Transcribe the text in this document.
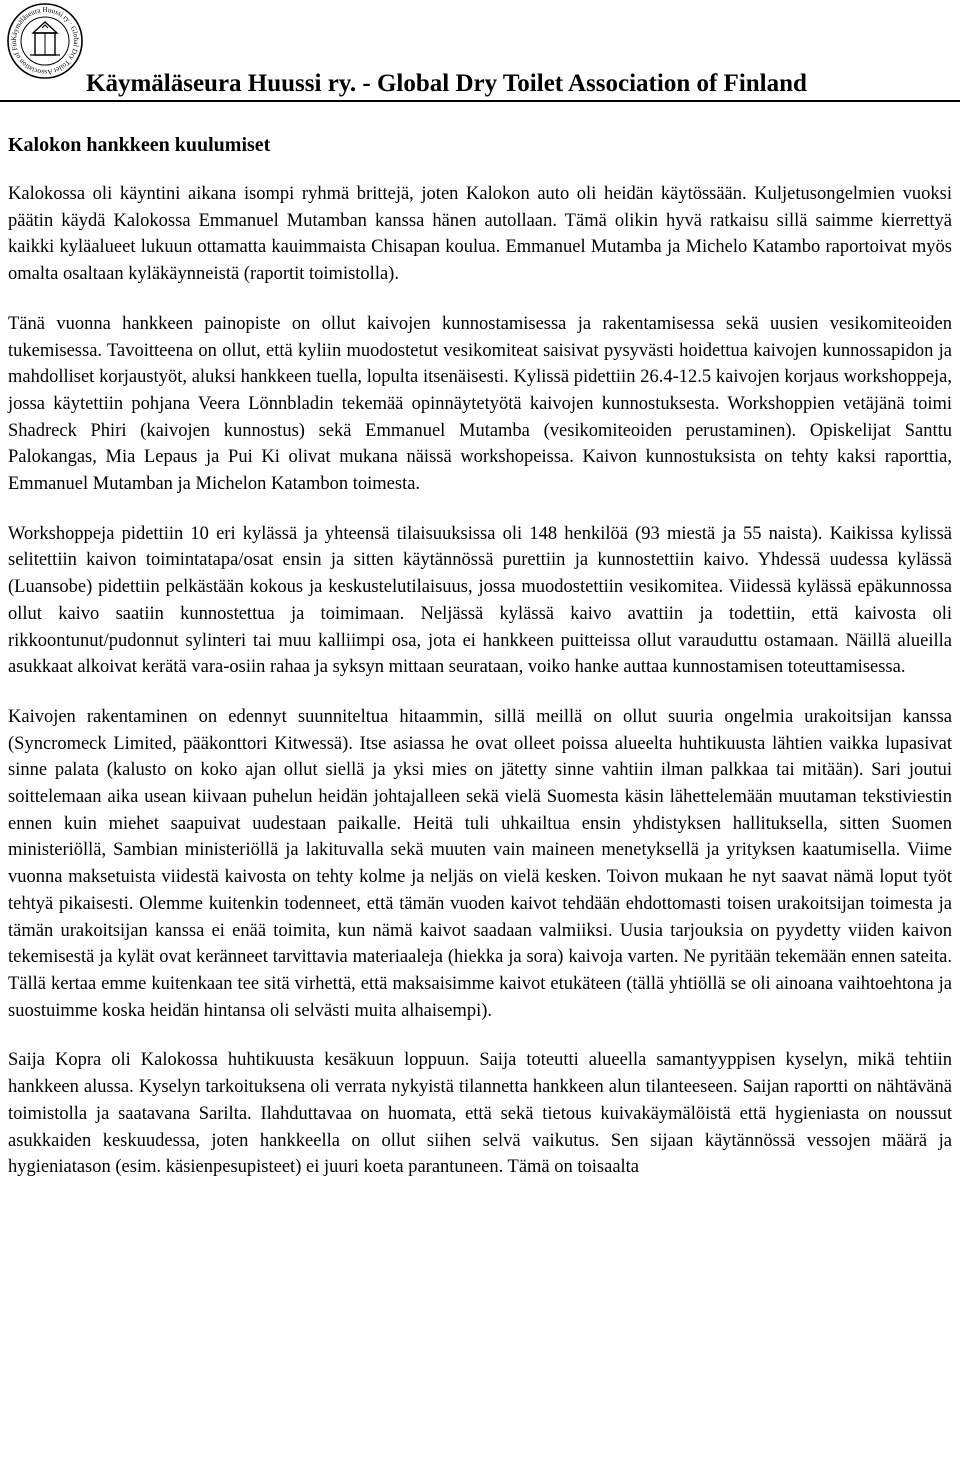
Käymäläseura Huussi ry · Global Dry Toilet Association of Fin
Käymäläseura Huussi ry. - Global Dry Toilet Association of Finland
Kalokon hankkeen kuulumiset

Kalokossa oli käyntini aikana isompi ryhmä brittejä, joten Kalokon auto oli heidän käytössään. Kuljetusongelmien vuoksi päätin käydä Kalokossa Emmanuel Mutamban kanssa hänen autollaan. Tämä olikin hyvä ratkaisu sillä saimme kierrettyä kaikki kyläalueet lukuun ottamatta kauimmaista Chisapan koulua. Emmanuel Mutamba ja Michelo Katambo raportoivat myös omalta osaltaan kyläkäynneistä (raportit toimistolla).

Tänä vuonna hankkeen painopiste on ollut kaivojen kunnostamisessa ja rakentamisessa sekä uusien vesikomiteoiden tukemisessa. Tavoitteena on ollut, että kyliin muodostetut vesikomiteat saisivat pysyvästi hoidettua kaivojen kunnossapidon ja mahdolliset korjaustyöt, aluksi hankkeen tuella, lopulta itsenäisesti. Kylissä pidettiin 26.4-12.5 kaivojen korjaus workshoppeja, jossa käytettiin pohjana Veera Lönnbladin tekemää opinnäytetyötä kaivojen kunnostuksesta. Workshoppien vetäjänä toimi Shadreck Phiri (kaivojen kunnostus) sekä Emmanuel Mutamba (vesikomiteoiden perustaminen). Opiskelijat Santtu Palokangas, Mia Lepaus ja Pui Ki olivat mukana näissä workshopeissa. Kaivon kunnostuksista on tehty kaksi raporttia, Emmanuel Mutamban ja Michelon Katambon toimesta.

Workshoppeja pidettiin 10 eri kylässä ja yhteensä tilaisuuksissa oli 148 henkilöä (93 miestä ja 55 naista). Kaikissa kylissä selitettiin kaivon toimintatapa/osat ensin ja sitten käytännössä purettiin ja kunnostettiin kaivo. Yhdessä uudessa kylässä (Luansobe) pidettiin pelkästään kokous ja keskustelutilaisuus, jossa muodostettiin vesikomitea. Viidessä kylässä epäkunnossa ollut kaivo saatiin kunnostettua ja toimimaan. Neljässä kylässä kaivo avattiin ja todettiin, että kaivosta oli rikkoontunut/pudonnut sylinteri tai muu kalliimpi osa, jota ei hankkeen puitteissa ollut varauduttu ostamaan. Näillä alueilla asukkaat alkoivat kerätä vara-osiin rahaa ja syksyn mittaan seurataan, voiko hanke auttaa kunnostamisen toteuttamisessa.

Kaivojen rakentaminen on edennyt suunniteltua hitaammin, sillä meillä on ollut suuria ongelmia urakoitsijan kanssa (Syncromeck Limited, pääkonttori Kitwessä). Itse asiassa he ovat olleet poissa alueelta huhtikuusta lähtien vaikka lupasivat sinne palata (kalusto on koko ajan ollut siellä ja yksi mies on jätetty sinne vahtiin ilman palkkaa tai mitään). Sari joutui soittelemaan aika usean kiivaan puhelun heidän johtajalleen sekä vielä Suomesta käsin lähettelemään muutaman tekstiviestin ennen kuin miehet saapuivat uudestaan paikalle. Heitä tuli uhkailtua ensin yhdistyksen hallituksella, sitten Suomen ministeriöllä, Sambian ministeriöllä ja lakituvalla sekä muuten vain maineen menetyksellä ja yrityksen kaatumisella. Viime vuonna maksetuista viidestä kaivosta on tehty kolme ja neljäs on vielä kesken. Toivon mukaan he nyt saavat nämä loput työt tehtyä pikaisesti. Olemme kuitenkin todenneet, että tämän vuoden kaivot tehdään ehdottomasti toisen urakoitsijan toimesta ja tämän urakoitsijan kanssa ei enää toimita, kun nämä kaivot saadaan valmiiksi. Uusia tarjouksia on pyydetty viiden kaivon tekemisestä ja kylät ovat keränneet tarvittavia materiaaleja (hiekka ja sora) kaivoja varten. Ne pyritään tekemään ennen sateita. Tällä kertaa emme kuitenkaan tee sitä virhettä, että maksaisimme kaivot etukäteen (tällä yhtiöllä se oli ainoana vaihtoehtona ja suostuimme koska heidän hintansa oli selvästi muita alhaisempi).

Saija Kopra oli Kalokossa huhtikuusta kesäkuun loppuun. Saija toteutti alueella samantyyppisen kyselyn, mikä tehtiin hankkeen alussa. Kyselyn tarkoituksena oli verrata nykyistä tilannetta hankkeen alun tilanteeseen. Saijan raportti on nähtävänä toimistolla ja saatavana Sarilta. Ilahduttavaa on huomata, että sekä tietous kuivakäymälöistä että hygieniasta on noussut asukkaiden keskuudessa, joten hankkeella on ollut siihen selvä vaikutus. Sen sijaan käytännössä vessojen määrä ja hygieniatason (esim. käsienpesupisteet) ei juuri koeta parantuneen. Tämä on toisaalta
